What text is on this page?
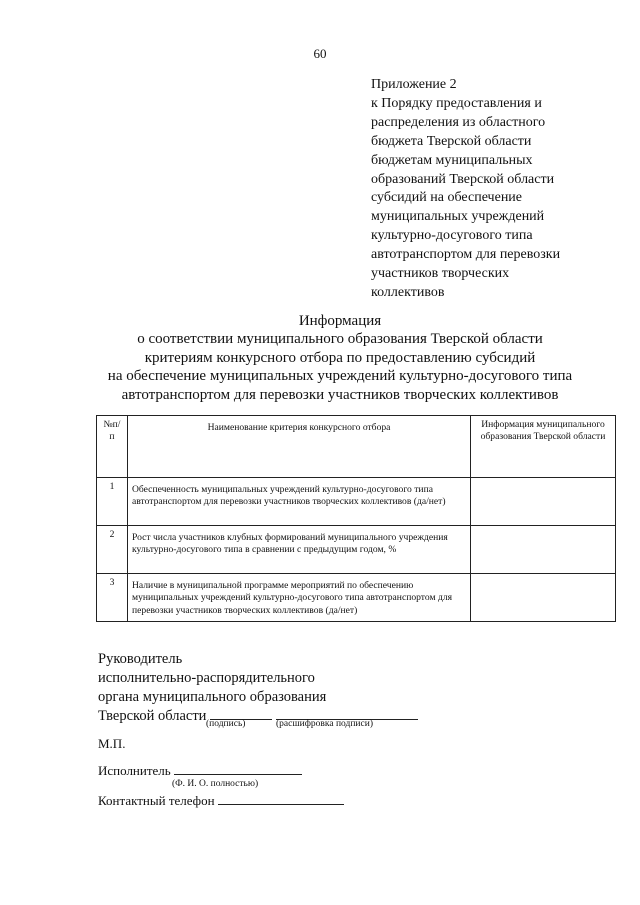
60
Приложение 2
к Порядку предоставления и
распределения из областного
бюджета Тверской области
бюджетам муниципальных
образований Тверской области
субсидий на обеспечение
муниципальных учреждений
культурно-досугового типа
автотранспортом для перевозки
участников творческих
коллективов
Информация
о соответствии муниципального образования Тверской области
критериям конкурсного отбора по предоставлению субсидий
на обеспечение муниципальных учреждений культурно-досугового типа
автотранспортом для перевозки участников творческих коллективов
№п/п	Наименование критерия конкурсного отбора	Информация муниципального образования Тверской области
1	Обеспеченность муниципальных учреждений культурно-досугового типа автотранспортом для перевозки участников творческих коллективов (да/нет)	
2	Рост числа участников клубных формирований муниципального учреждения культурно-досугового типа в сравнении с предыдущим годом, %	
3	Наличие в муниципальной программе мероприятий по обеспечению муниципальных учреждений культурно-досугового типа автотранспортом для перевозки участников творческих коллективов (да/нет)	
Руководитель
исполнительно-распорядительного
органа муниципального образования
Тверской области (подпись)	(расшифровка подписи)
М.П.
Исполнитель
(Ф. И. О. полностью)
Контактный телефон
